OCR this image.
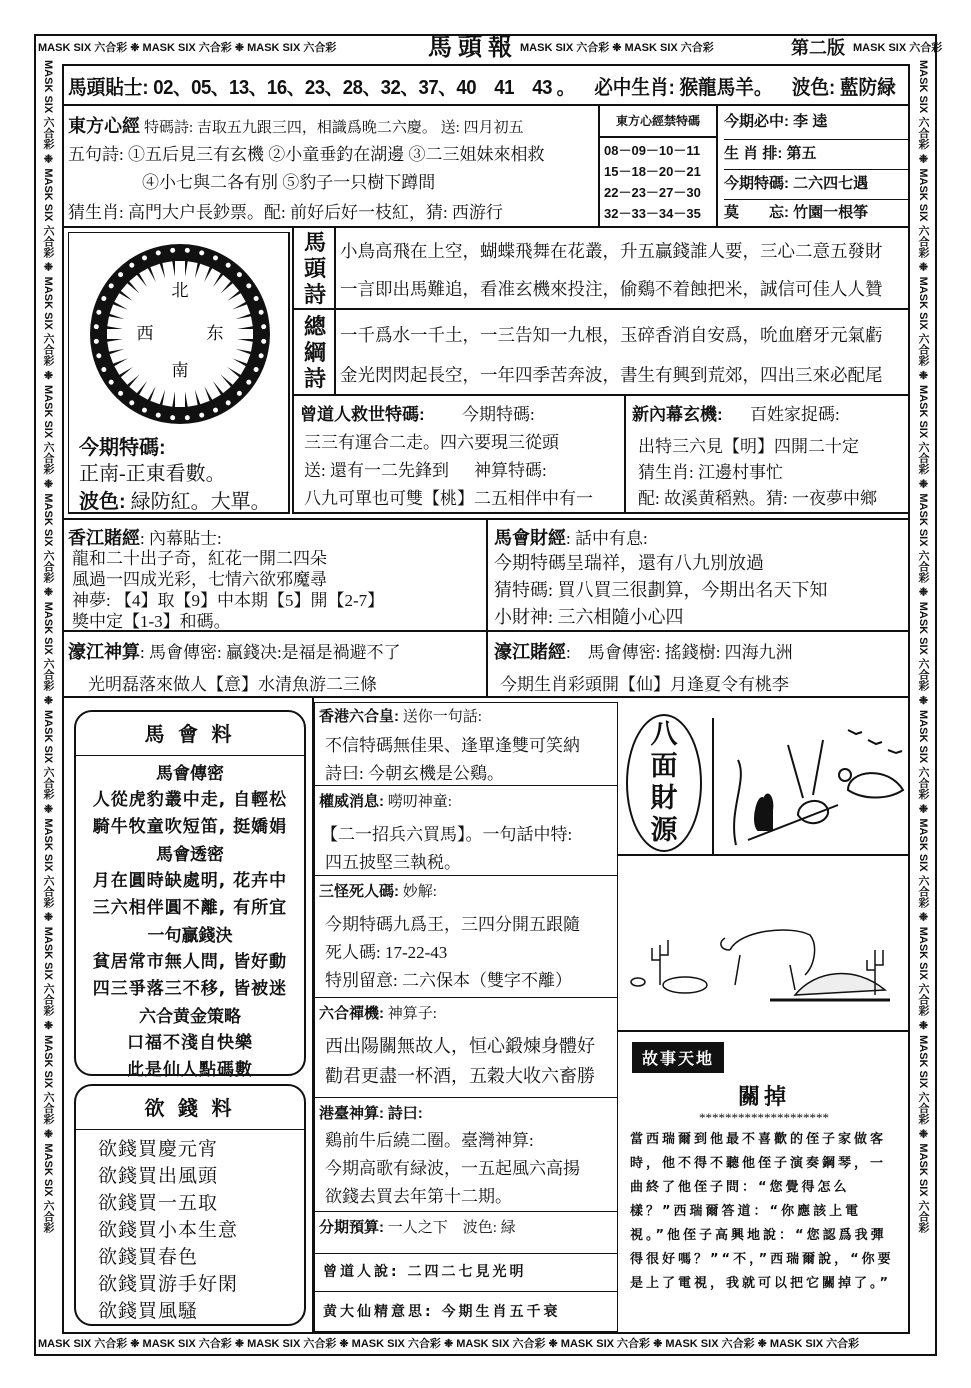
MASK SIX 六合彩 ❉ MASK SIX 六合彩 ❉ MASK SIX 六合彩	馬 頭 報 MASK SIX 六合彩 ❉ MASK SIX 六合彩	第二版 MASK SIX 六合彩
MASK SIX 六合彩 ❉ MASK SIX 六合彩 ❉ MASK SIX 六合彩 ❉ MASK SIX 六合彩 ❉ MASK SIX 六合彩 ❉ MASK SIX 六合彩 ❉ MASK SIX 六合彩 ❉ MASK SIX 六合彩
MASK SIX 六合彩 ❉ MASK SIX 六合彩 ❉ MASK SIX 六合彩 ❉ MASK SIX 六合彩 ❉ MASK SIX 六合彩 ❉ MASK SIX 六合彩 ❉ MASK SIX 六合彩 ❉ MASK SIX 六合彩 ❉ MASK SIX 六合彩 ❉ MASK SIX 六合彩 ❉ MASK SIX 六合彩	MASK SIX 六合彩 ❉ MASK SIX 六合彩 ❉ MASK SIX 六合彩 ❉ MASK SIX 六合彩 ❉ MASK SIX 六合彩 ❉ MASK SIX 六合彩 ❉ MASK SIX 六合彩 ❉ MASK SIX 六合彩 ❉ MASK SIX 六合彩 ❉ MASK SIX 六合彩 ❉ MASK SIX 六合彩
馬頭貼士: 02、05、13、16、23、28、32、37、40　41　43 。 必中生肖: 猴龍馬羊。 波色: 藍防緑
東方心經 特碼詩: 吉取五九跟三四，相識爲晚二六慶。 送: 四月初五
五句詩: ①五后見三有玄機 ②小童垂釣在湖邊 ③二三姐妹來相救
④小七與二各有別 ⑤豹子一只樹下蹲間
猜生肖: 高門大户長鈔票。配: 前好后好一枝紅，猜: 西游行
東方心經禁特碼
08－09－10－11
15－18－20－21
22－23－27－30
32－33－34－35
今期必中: 李 逵
生 肖 排: 第五
今期特碼: 二六四七遇
莫　　忘: 竹園一根筝
北
西	东
南
今期特碼:
正南-正東看數。
波色: 緑防紅。大單。
馬頭詩
小鳥高飛在上空，蝴蝶飛舞在花叢，升五贏錢誰人要，三心二意五發財
一言即出馬難追，看准玄機來投注，偷鷄不着蝕把米，誠信可佳人人贊
總綱詩
一千爲水一千土，一三告知一九根，玉碎香消自安爲，吮血磨牙元氣虧
金光閃閃起長空，一年四季苦奔波，書生有興到荒郊，四出三來必配尾
曾道人救世特碼: 今期特碼:
三三有運合二走。四六要現三從頭
送: 還有一二先鋒到 神算特碼:
八九可單也可雙【桃】二五相伴中有一
新內幕玄機: 百姓家捉碼:
出特三六見【明】四開二十定
猜生肖: 江邊村事忙
配: 故溪黄稻熟。猜: 一夜夢中鄉
香江賭經: 內幕貼士:
龍和二十出子奇，紅花一開二四朵
風過一四成光彩，七情六欲邪魔尋
神夢: 【4】取【9】中本期【5】開【2-7】
獎中定【1-3】和碼。
馬會財經: 話中有息:
今期特碼呈瑞祥，還有八九別放過
猜特碼: 買八買三很劃算，今期出名天下知
小財神: 三六相隨小心四
濠江神算: 馬會傳密: 贏錢决:是福是禍避不了
光明磊落來做人【意】水清魚游二三條
濠江賭經:　馬會傳密: 搖錢樹: 四海九洲
今期生肖彩頭開【仙】月逢夏令有桃李
馬 會 料
馬會傳密
人從虎豹叢中走, 自輕松
騎牛牧童吹短笛, 挺嬌娟
馬會透密
月在圓時缺處明, 花卉中
三六相伴圓不離, 有所宜
一句贏錢決
貧居常市無人問, 皆好動
四三爭落三不移, 皆被迷
六合黄金策略
口福不淺自快樂
此是仙人點碼數
欲 錢 料
欲錢買慶元宵
欲錢買出風頭
欲錢買一五取
欲錢買小本生意
欲錢買春色
欲錢買游手好閑
欲錢買風騷
香港六合皇: 送你一句話:
不信特碼無佳果、逢單逢雙可笑納
詩曰: 今朝玄機是公鷄。
權威消息: 嘮叨神童:
【二一招兵六買馬】。一句話中特:
四五披堅三執税。
三怪死人碼: 妙解:
今期特碼九爲王，三四分開五跟隨
死人碼: 17-22-43
特別留意: 二六保本（雙字不離）
六合禪機: 神算子:
西出陽關無故人，恒心鍛煉身體好
勸君更盡一杯酒，五穀大收六畜勝
港臺神算: 詩曰:
鷄前牛后繞二圈。臺灣神算:
今期高歌有緑波，一五起風六高揚
欲錢去買去年第十二期。
分期預算: 一人之下　波色: 緑
曾道人說: 二四二七見光明
黄大仙精意思: 今期生肖五千衰
八
面
財
源
故事天地
關掉
********************
當西瑞爾到他最不喜歡的侄子家做客時，他不得不聽他侄子演奏鋼琴，一曲終了他侄子問：“您覺得怎么樣？”西瑞爾答道：“你應該上電視。”他侄子高興地說：“您認爲我彈得很好嗎？”“不，”西瑞爾說，“你要是上了電視，我就可以把它關掉了。”
